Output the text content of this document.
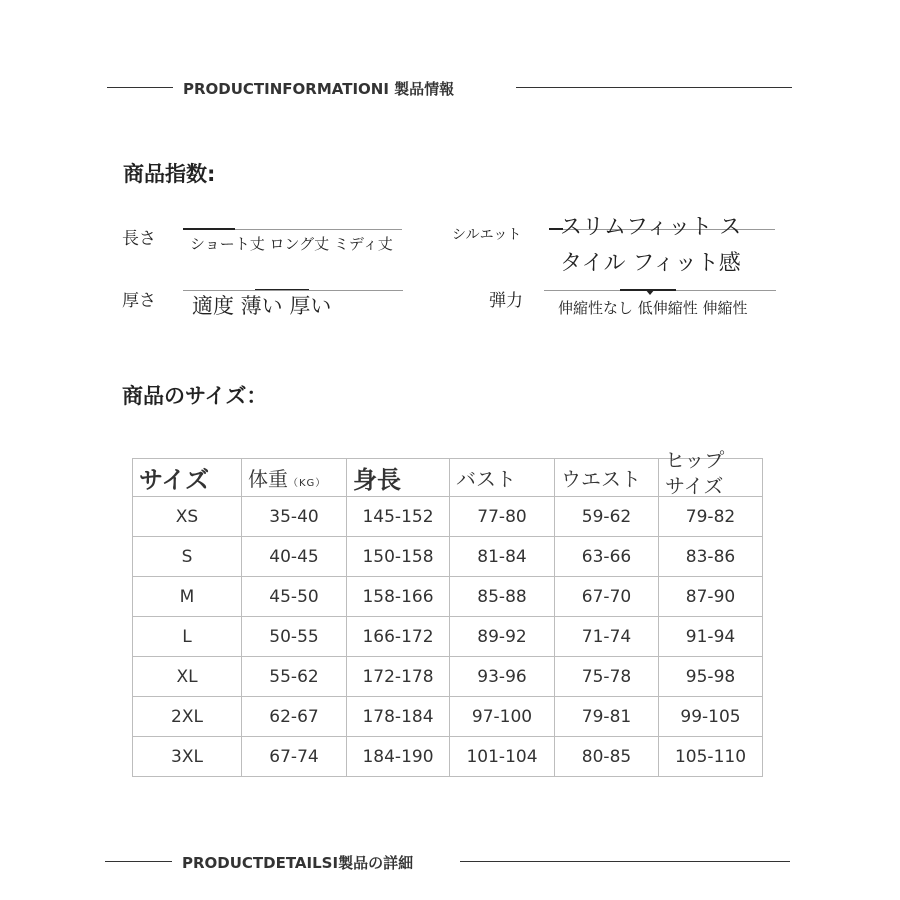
PRODUCTINFORMATIONI 製品情報
商品指数:
長さ ショート丈 ロング丈 ミディ丈	シルエット スリムフィット ス
タイル フィット感
厚さ 適度 薄い 厚い	弾力 伸縮性なし 低伸縮性 伸縮性
商品のサイズ：
サイズ	体重（KG）	身長	バスト	ウエスト	ヒップ
サイズ

XS	35-40	145-152	77-80	59-62	79-82
S	40-45	150-158	81-84	63-66	83-86
M	45-50	158-166	85-88	67-70	87-90
L	50-55	166-172	89-92	71-74	91-94
XL	55-62	172-178	93-96	75-78	95-98
2XL	62-67	178-184	97-100	79-81	99-105
3XL	67-74	184-190	101-104	80-85	105-110
PRODUCTDETAILSI製品の詳細
